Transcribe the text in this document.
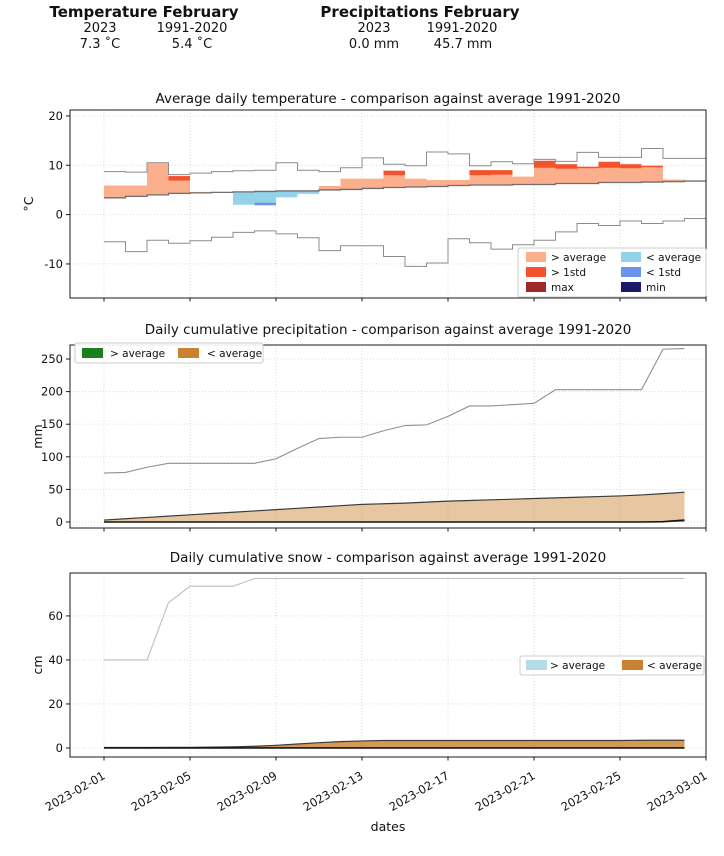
Temperature February
2023	1991-2020
7.3 ˚C	5.4 ˚C
Precipitations February
2023	1991-2020
0.0 mm	45.7 mm
20
10
0
-10
°C
Average daily temperature - comparison against average 1991-2020
> average
> 1std
max
< average
< 1std
min
250
200
150
100
50
0
mm
Daily cumulative precipitation - comparison against average 1991-2020
> average	< average
60
40
20
0
cm
Daily cumulative snow - comparison against average 1991-2020
> average	< average
2023-02-01 2023-02-05 2023-02-09 2023-02-13 2023-02-17 2023-02-21 2023-02-25 2023-03-01
dates
